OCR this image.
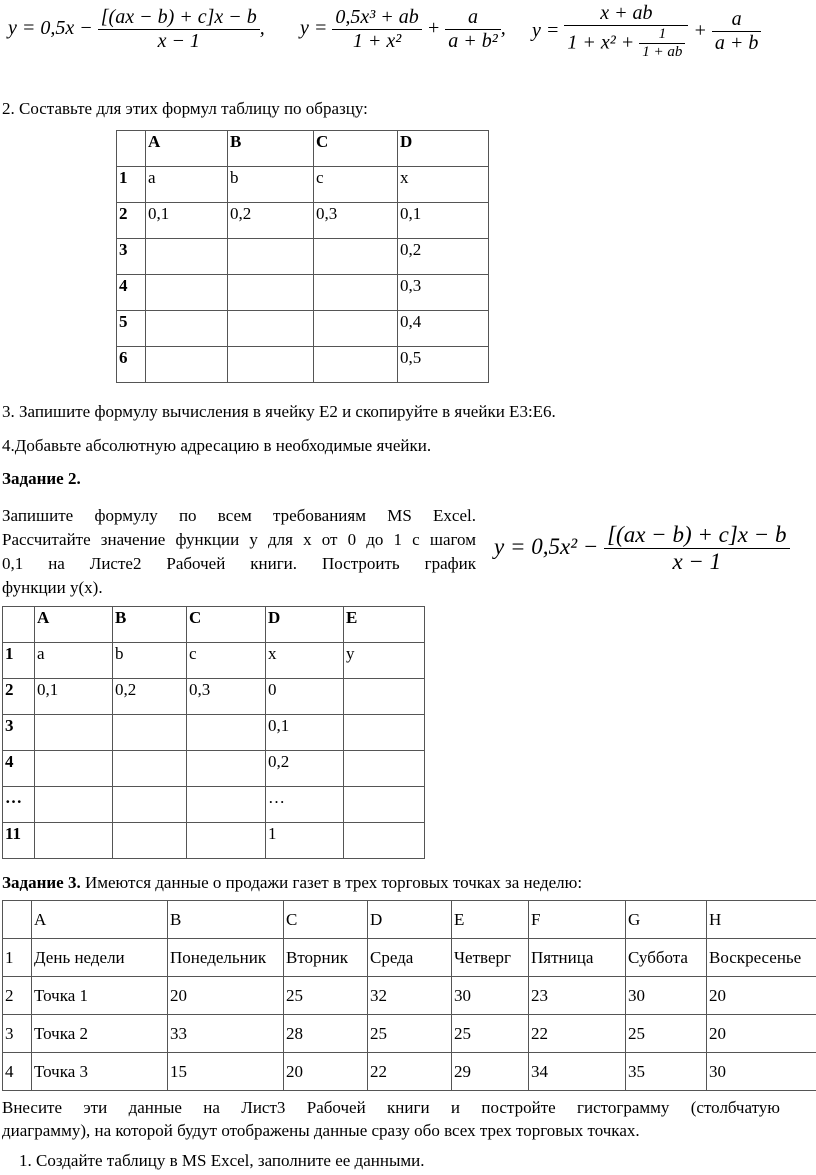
$y = 0,5x - \frac{[(ax - b) + c]x - b}{x - 1}$ , $y = \frac{\text{0,5x³ + ab}}{\text{1 + x²}} + \frac{a}{\text{a + b²}}$ , $y = \frac{x + ab}{1 + x^2 + \frac{1}{1 + ab}} + \frac{a}{a + b}$
2. Составьте для этих формул таблицу по образцу:
	A	B	C	D
1	a	b	c	x
2	0,1	0,2	0,3	0,1
3				0,2
4				0,3
5				0,4
6				0,5
3. Запишите формулу вычисления в ячейку Е2 и скопируйте в ячейки Е3:Е6.
4.Добавьте абсолютную адресацию в необходимые ячейки.
Задание 2.
Запишите формулу по всем требованиям MS Excel.
Рассчитайте значение функции y для x от 0 до 1 с шагом
0,1 на Листе2 Рабочей книги. Построить график
функции y(x).
$y = 0,5x^2 - \frac{[(ax - b) + c]x - b}{x - 1}$
	A	B	C	D	E
1	a	b	c	x	y
2	0,1	0,2	0,3	0	
3				0,1	
4				0,2	
…				…	
11				1	
Задание 3. Имеются данные о продажи газет в трех торговых точках за неделю:
	A	B	C	D	E	F	G	H
1	День недели	Понедельник	Вторник	Среда	Четверг	Пятница	Суббота	Воскресенье
2	Точка 1	20	25	32	30	23	30	20
3	Точка 2	33	28	25	25	22	25	20
4	Точка 3	15	20	22	29	34	35	30
Внесите эти данные на Лист3 Рабочей книги и постройте гистограмму (столбчатую
диаграмму), на которой будут отображены данные сразу обо всех трех торговых точках.
1. Создайте таблицу в MS Excel, заполните ее данными.
